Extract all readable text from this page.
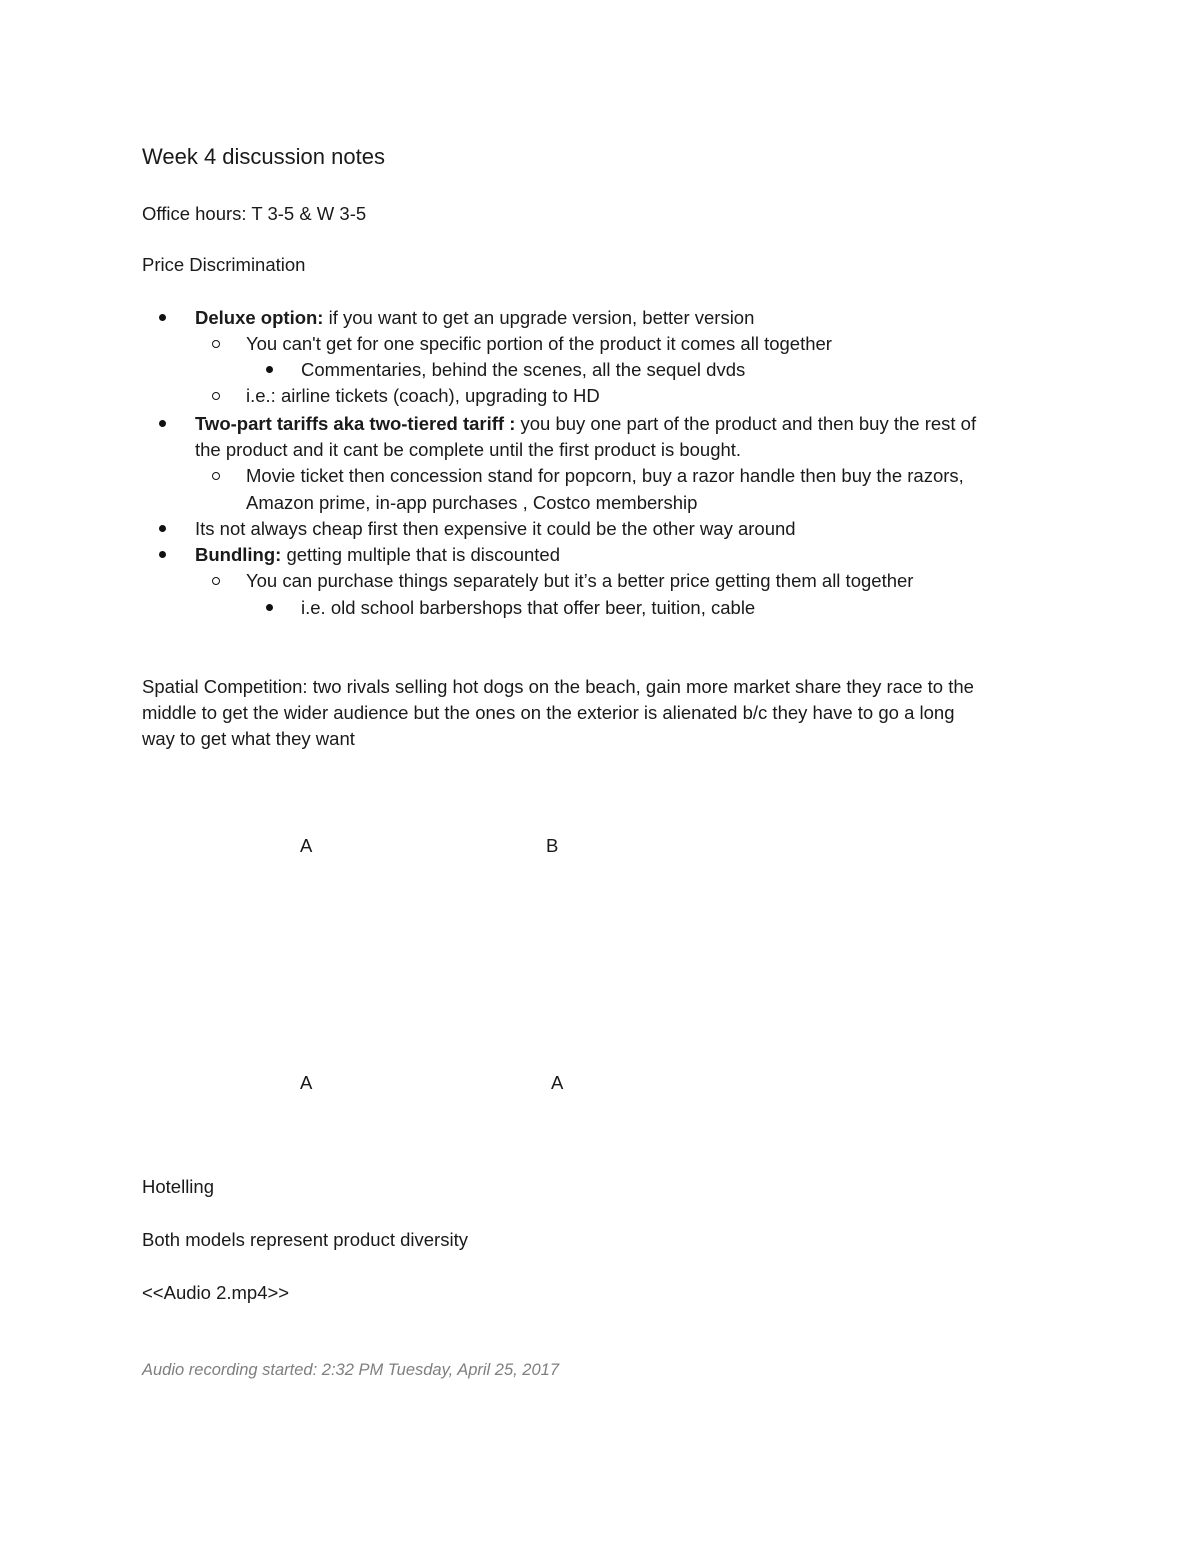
Week 4 discussion notes
Office hours: T 3-5 & W 3-5
Price Discrimination
Deluxe option: if you want to get an upgrade version, better version
You can't get for one specific portion of the product it comes all together
Commentaries, behind the scenes, all the sequel dvds
i.e.: airline tickets (coach), upgrading to HD
Two-part tariffs aka two-tiered tariff : you buy one part of the product and then buy the rest of
the product and it cant be complete until the first product is bought.
Movie ticket then concession stand for popcorn, buy a razor handle then buy the razors,
Amazon prime, in-app purchases , Costco membership
Its not always cheap first then expensive it could be the other way around
Bundling: getting multiple that is discounted
You can purchase things separately but it’s a better price getting them all together
i.e. old school barbershops that offer beer, tuition, cable
Spatial Competition: two rivals selling hot dogs on the beach, gain more market share they race to the
middle to get the wider audience but the ones on the exterior is alienated b/c they have to go a long
way to get what they want
A	B
A	A
Hotelling
Both models represent product diversity
<<Audio 2.mp4>>
Audio recording started: 2:32 PM Tuesday, April 25, 2017
